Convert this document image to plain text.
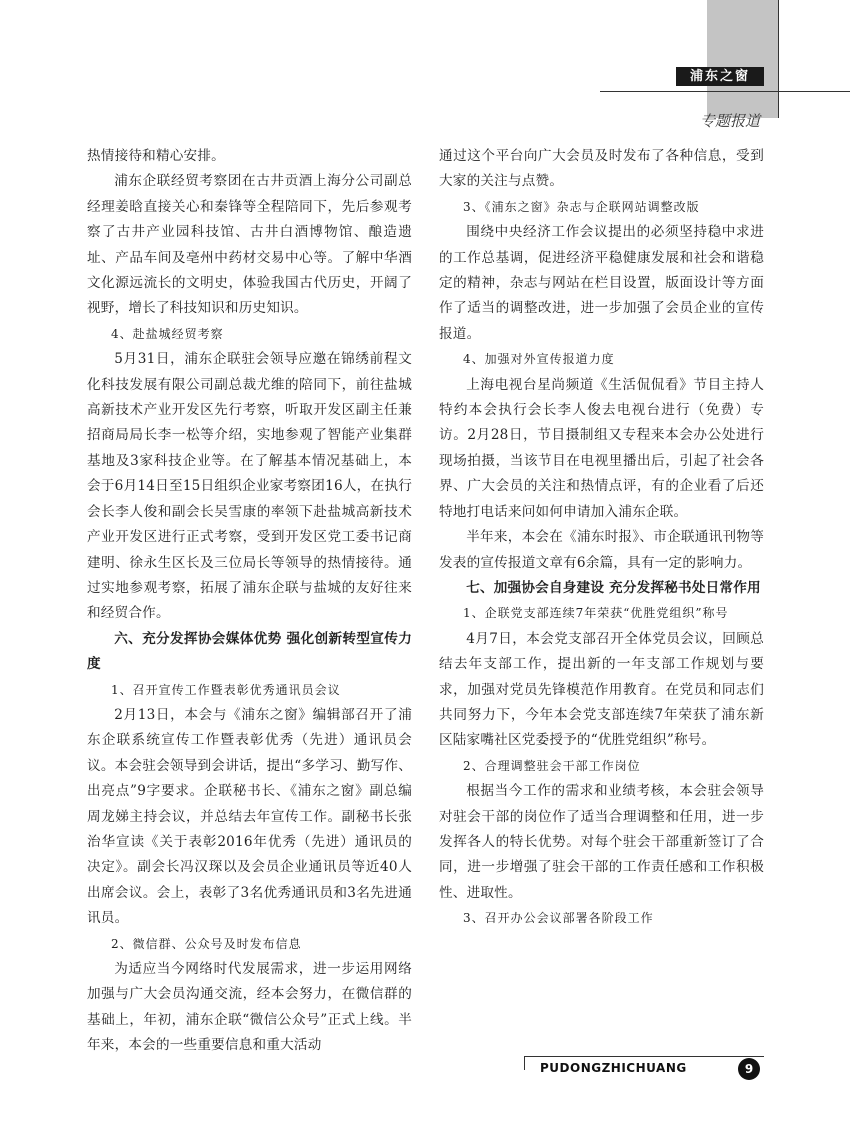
浦东之窗
专题报道

热情接待和精心安排。

浦东企联经贸考察团在古井贡酒上海分公司副总经理姜晗直接关心和秦锋等全程陪同下，先后参观考察了古井产业园科技馆、古井白酒博物馆、酿造遗址、产品车间及亳州中药材交易中心等。了解中华酒文化源远流长的文明史，体验我国古代历史，开阔了视野，增长了科技知识和历史知识。

4、赴盐城经贸考察

5月31日，浦东企联驻会领导应邀在锦绣前程文化科技发展有限公司副总裁尤维的陪同下，前往盐城高新技术产业开发区先行考察，听取开发区副主任兼招商局局长李一松等介绍，实地参观了智能产业集群基地及3家科技企业等。在了解基本情况基础上，本会于6月14日至15日组织企业家考察团16人，在执行会长李人俊和副会长吴雪康的率领下赴盐城高新技术产业开发区进行正式考察，受到开发区党工委书记商建明、徐永生区长及三位局长等领导的热情接待。通过实地参观考察，拓展了浦东企联与盐城的友好往来和经贸合作。

六、充分发挥协会媒体优势 强化创新转型宣传力度

1、召开宣传工作暨表彰优秀通讯员会议

2月13日，本会与《浦东之窗》编辑部召开了浦东企联系统宣传工作暨表彰优秀（先进）通讯员会议。本会驻会领导到会讲话，提出“多学习、勤写作、出亮点”9字要求。企联秘书长、《浦东之窗》副总编周龙娣主持会议，并总结去年宣传工作。副秘书长张治华宣读《关于表彰2016年优秀（先进）通讯员的决定》。副会长冯汉琛以及会员企业通讯员等近40人出席会议。会上，表彰了3名优秀通讯员和3名先进通讯员。

2、微信群、公众号及时发布信息

为适应当今网络时代发展需求，进一步运用网络加强与广大会员沟通交流，经本会努力，在微信群的基础上，年初，浦东企联“微信公众号”正式上线。半年来，本会的一些重要信息和重大活动

通过这个平台向广大会员及时发布了各种信息，受到大家的关注与点赞。

3、《浦东之窗》杂志与企联网站调整改版

围绕中央经济工作会议提出的必须坚持稳中求进的工作总基调，促进经济平稳健康发展和社会和谐稳定的精神，杂志与网站在栏目设置，版面设计等方面作了适当的调整改进，进一步加强了会员企业的宣传报道。

4、加强对外宣传报道力度

上海电视台星尚频道《生活侃侃看》节目主持人特约本会执行会长李人俊去电视台进行（免费）专访。2月28日，节目摄制组又专程来本会办公处进行现场拍摄，当该节目在电视里播出后，引起了社会各界、广大会员的关注和热情点评，有的企业看了后还特地打电话来问如何申请加入浦东企联。

半年来，本会在《浦东时报》、市企联通讯刊物等发表的宣传报道文章有6余篇，具有一定的影响力。

七、加强协会自身建设 充分发挥秘书处日常作用

1、企联党支部连续7年荣获“优胜党组织”称号

4月7日，本会党支部召开全体党员会议，回顾总结去年支部工作，提出新的一年支部工作规划与要求，加强对党员先锋模范作用教育。在党员和同志们共同努力下，今年本会党支部连续7年荣获了浦东新区陆家嘴社区党委授予的“优胜党组织”称号。

2、合理调整驻会干部工作岗位

根据当今工作的需求和业绩考核，本会驻会领导对驻会干部的岗位作了适当合理调整和任用，进一步发挥各人的特长优势。对每个驻会干部重新签订了合同，进一步增强了驻会干部的工作责任感和工作积极性、进取性。

3、召开办公会议部署各阶段工作

PUDONGZHICHUANG	9
